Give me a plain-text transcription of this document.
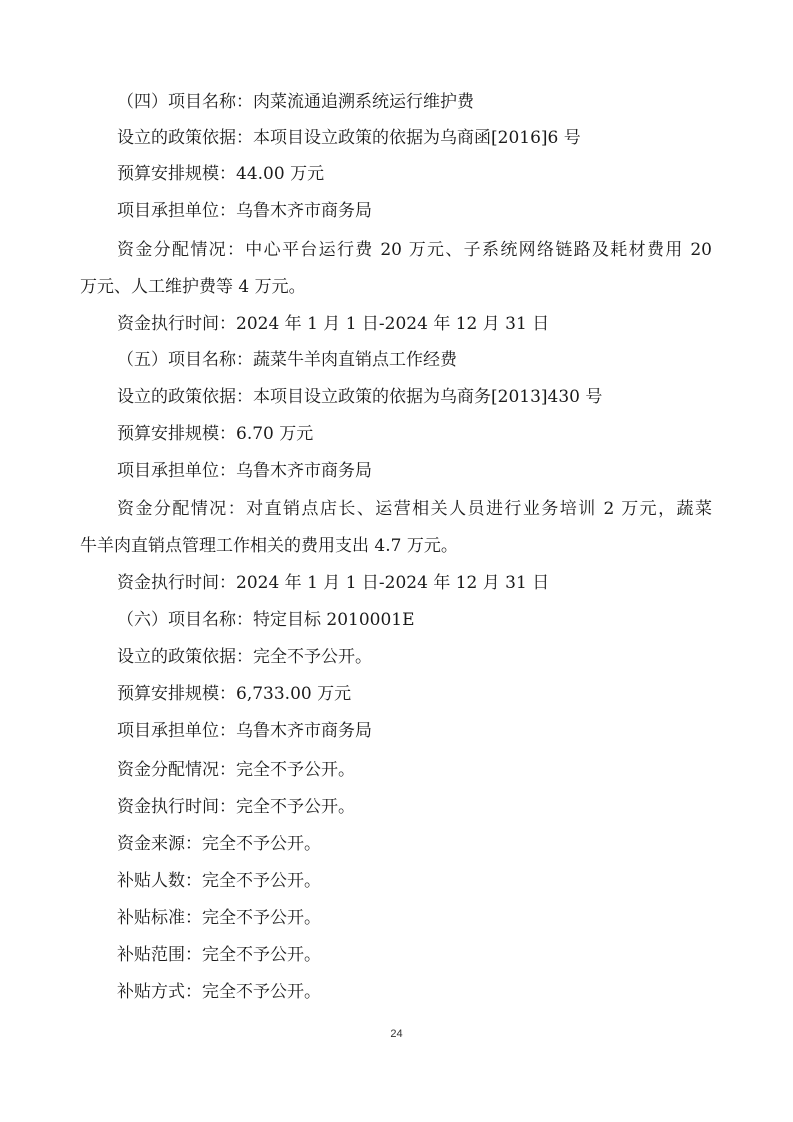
（四）项目名称：肉菜流通追溯系统运行维护费
设立的政策依据：本项目设立政策的依据为乌商函[2016]6 号
预算安排规模：44.00 万元
项目承担单位：乌鲁木齐市商务局
资金分配情况：中心平台运行费 20 万元、子系统网络链路及耗材费用 20
万元、人工维护费等 4 万元。
资金执行时间：2024 年 1 月 1 日-2024 年 12 月 31 日
（五）项目名称：蔬菜牛羊肉直销点工作经费
设立的政策依据：本项目设立政策的依据为乌商务[2013]430 号
预算安排规模：6.70 万元
项目承担单位：乌鲁木齐市商务局
资金分配情况：对直销点店长、运营相关人员进行业务培训 2 万元，蔬菜
牛羊肉直销点管理工作相关的费用支出 4.7 万元。
资金执行时间：2024 年 1 月 1 日-2024 年 12 月 31 日
（六）项目名称：特定目标 2010001E
设立的政策依据：完全不予公开。
预算安排规模：6,733.00 万元
项目承担单位：乌鲁木齐市商务局
资金分配情况：完全不予公开。
资金执行时间：完全不予公开。
资金来源：完全不予公开。
补贴人数：完全不予公开。
补贴标准：完全不予公开。
补贴范围：完全不予公开。
补贴方式：完全不予公开。
24
